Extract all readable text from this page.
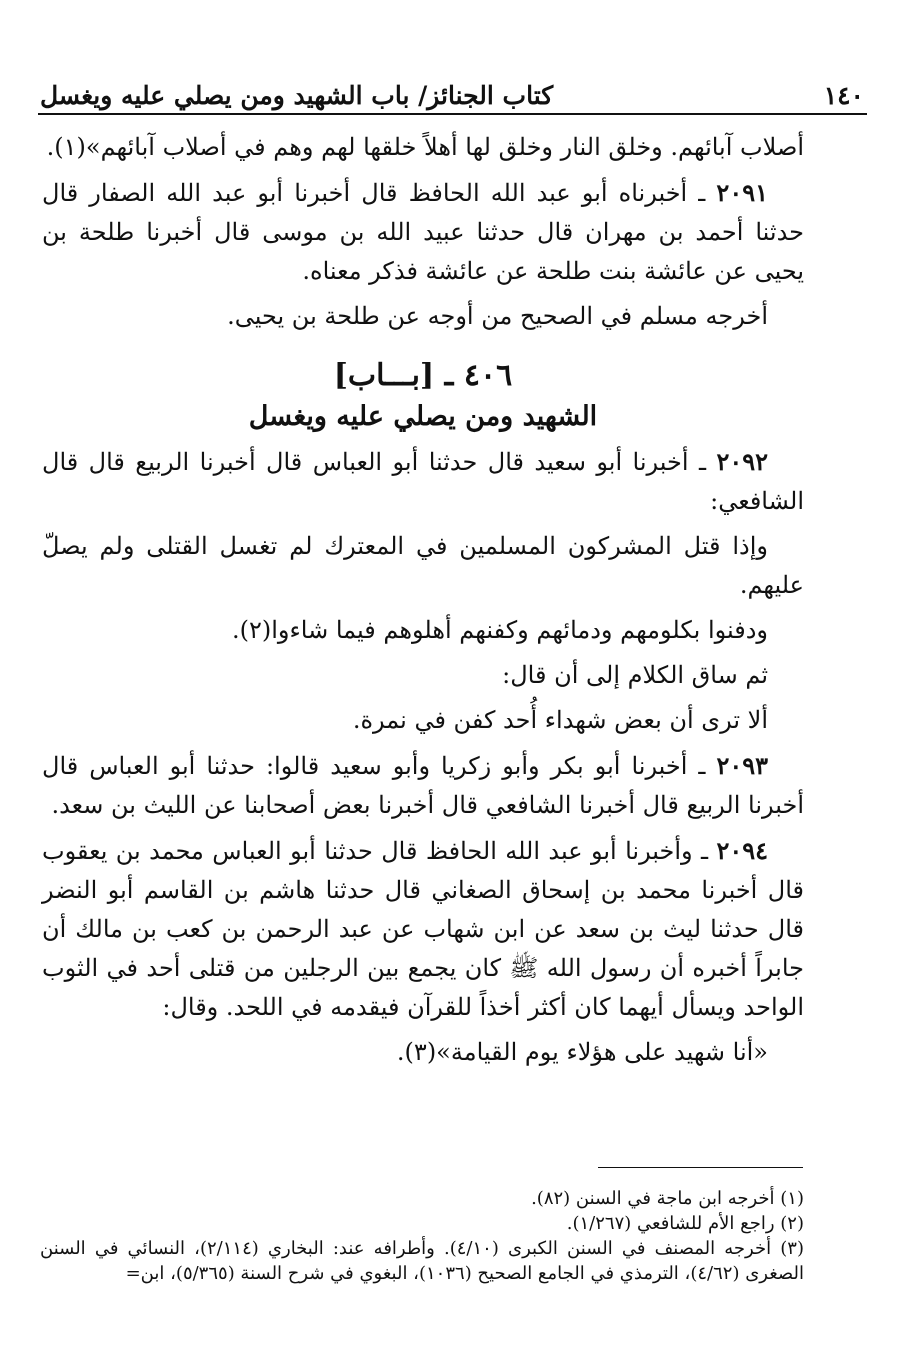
١٤٠
كتاب الجنائز/ باب الشهيد ومن يصلي عليه ويغسل

أصلاب آبائهم. وخلق النار وخلق لها أهلاً خلقها لهم وهم في أصلاب آبائهم»(١).

٢٠٩١ ـ أخبرناه أبو عبد الله الحافظ قال أخبرنا أبو عبد الله الصفار قال حدثنا أحمد بن مهران قال حدثنا عبيد الله بن موسى قال أخبرنا طلحة بن يحيى عن عائشة بنت طلحة عن عائشة فذكر معناه.

أخرجه مسلم في الصحيح من أوجه عن طلحة بن يحيى.

٤٠٦ ـ [بـــاب]
الشهيد ومن يصلي عليه ويغسل

٢٠٩٢ ـ أخبرنا أبو سعيد قال حدثنا أبو العباس قال أخبرنا الربيع قال قال الشافعي:

وإذا قتل المشركون المسلمين في المعترك لم تغسل القتلى ولم يصلّ عليهم.

ودفنوا بكلومهم ودمائهم وكفنهم أهلوهم فيما شاءوا(٢).

ثم ساق الكلام إلى أن قال:

ألا ترى أن بعض شهداء أُحد كفن في نمرة.

٢٠٩٣ ـ أخبرنا أبو بكر وأبو زكريا وأبو سعيد قالوا: حدثنا أبو العباس قال أخبرنا الربيع قال أخبرنا الشافعي قال أخبرنا بعض أصحابنا عن الليث بن سعد.

٢٠٩٤ ـ وأخبرنا أبو عبد الله الحافظ قال حدثنا أبو العباس محمد بن يعقوب قال أخبرنا محمد بن إسحاق الصغاني قال حدثنا هاشم بن القاسم أبو النضر قال حدثنا ليث بن سعد عن ابن شهاب عن عبد الرحمن بن كعب بن مالك أن جابراً أخبره أن رسول الله ﷺ كان يجمع بين الرجلين من قتلى أحد في الثوب الواحد ويسأل أيهما كان أكثر أخذاً للقرآن فيقدمه في اللحد. وقال:

«أنا شهيد على هؤلاء يوم القيامة»(٣).

(١) أخرجه ابن ماجة في السنن (٨٢).

(٢) راجع الأم للشافعي (١/٢٦٧).

(٣) أخرجه المصنف في السنن الكبرى (٤/١٠). وأطرافه عند: البخاري (٢/١١٤)، النسائي في السنن الصغرى (٤/٦٢)، الترمذي في الجامع الصحيح (١٠٣٦)، البغوي في شرح السنة (٥/٣٦٥)، ابن=
